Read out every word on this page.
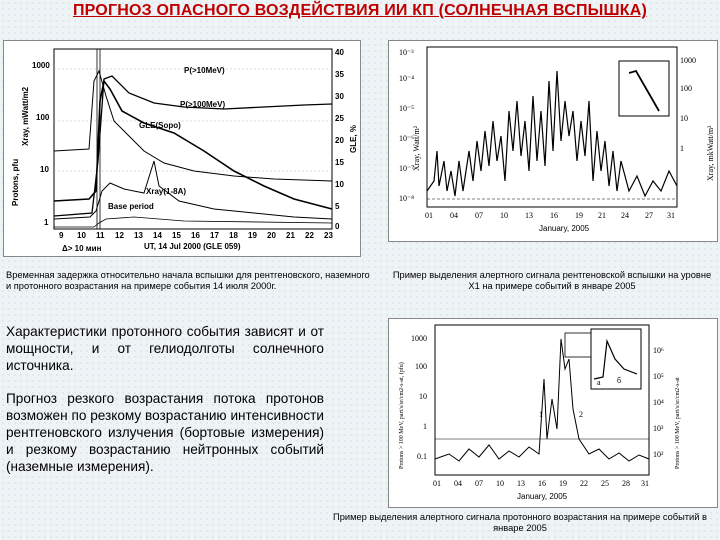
ПРОГНОЗ ОПАСНОГО ВОЗДЕЙСТВИЯ ИИ КП (СОЛНЕЧНАЯ ВСПЫШКА)
P(>10MeV)
P(>100MeV)
GLE(Sopo)
Xray(1-8A)
Base period
1000
100
10
1
40
35
30
25
20
15
10
5
0
Protons, pfu
Xray, mWatt/m2	GLE, %
9 10 11 12 13 14 15 16 17 18 19 20 21 22 23
Δ> 10 мин	UT, 14 Jul 2000 (GLE 059)
10⁻³
10⁻⁴
10⁻⁵
10⁻⁶
10⁻⁷
10⁻⁸
1000
100
10
1
Xray, Watt/m²	Xray, mkWatt/m²
01 04 07 10 13 16 19 21 24 27 31
January, 2005
a б
1	2
1000
100
10
1
0.1
10⁶
10⁵
10⁴
10³
10²
Protons > 100 MeV, part/s/sr/cm2-s-at, (pfu)	Protons > 100 MeV, part/s/sr/cm2-s-at
01 04 07 10 13 16 19 22 25 28 31
January, 2005
Временная задержка относительно начала вспышки для рентгеновского, наземного и протонного возрастания на примере события 14 июля 2000г.
Пример выделения алертного сигнала рентгеновской вспышки на уровне Х1 на примере событий в январе 2005
Пример выделения алертного сигнала протонного возрастания на примере событий в январе 2005
Характеристики протонного события зависят и от мощности, и от гелиодолготы солнечного источника.
Прогноз резкого возрастания потока протонов возможен по резкому возрастанию интенсивности рентгеновского излучения (бортовые измерения) и резкому возрастанию нейтронных событий (наземные измерения).
